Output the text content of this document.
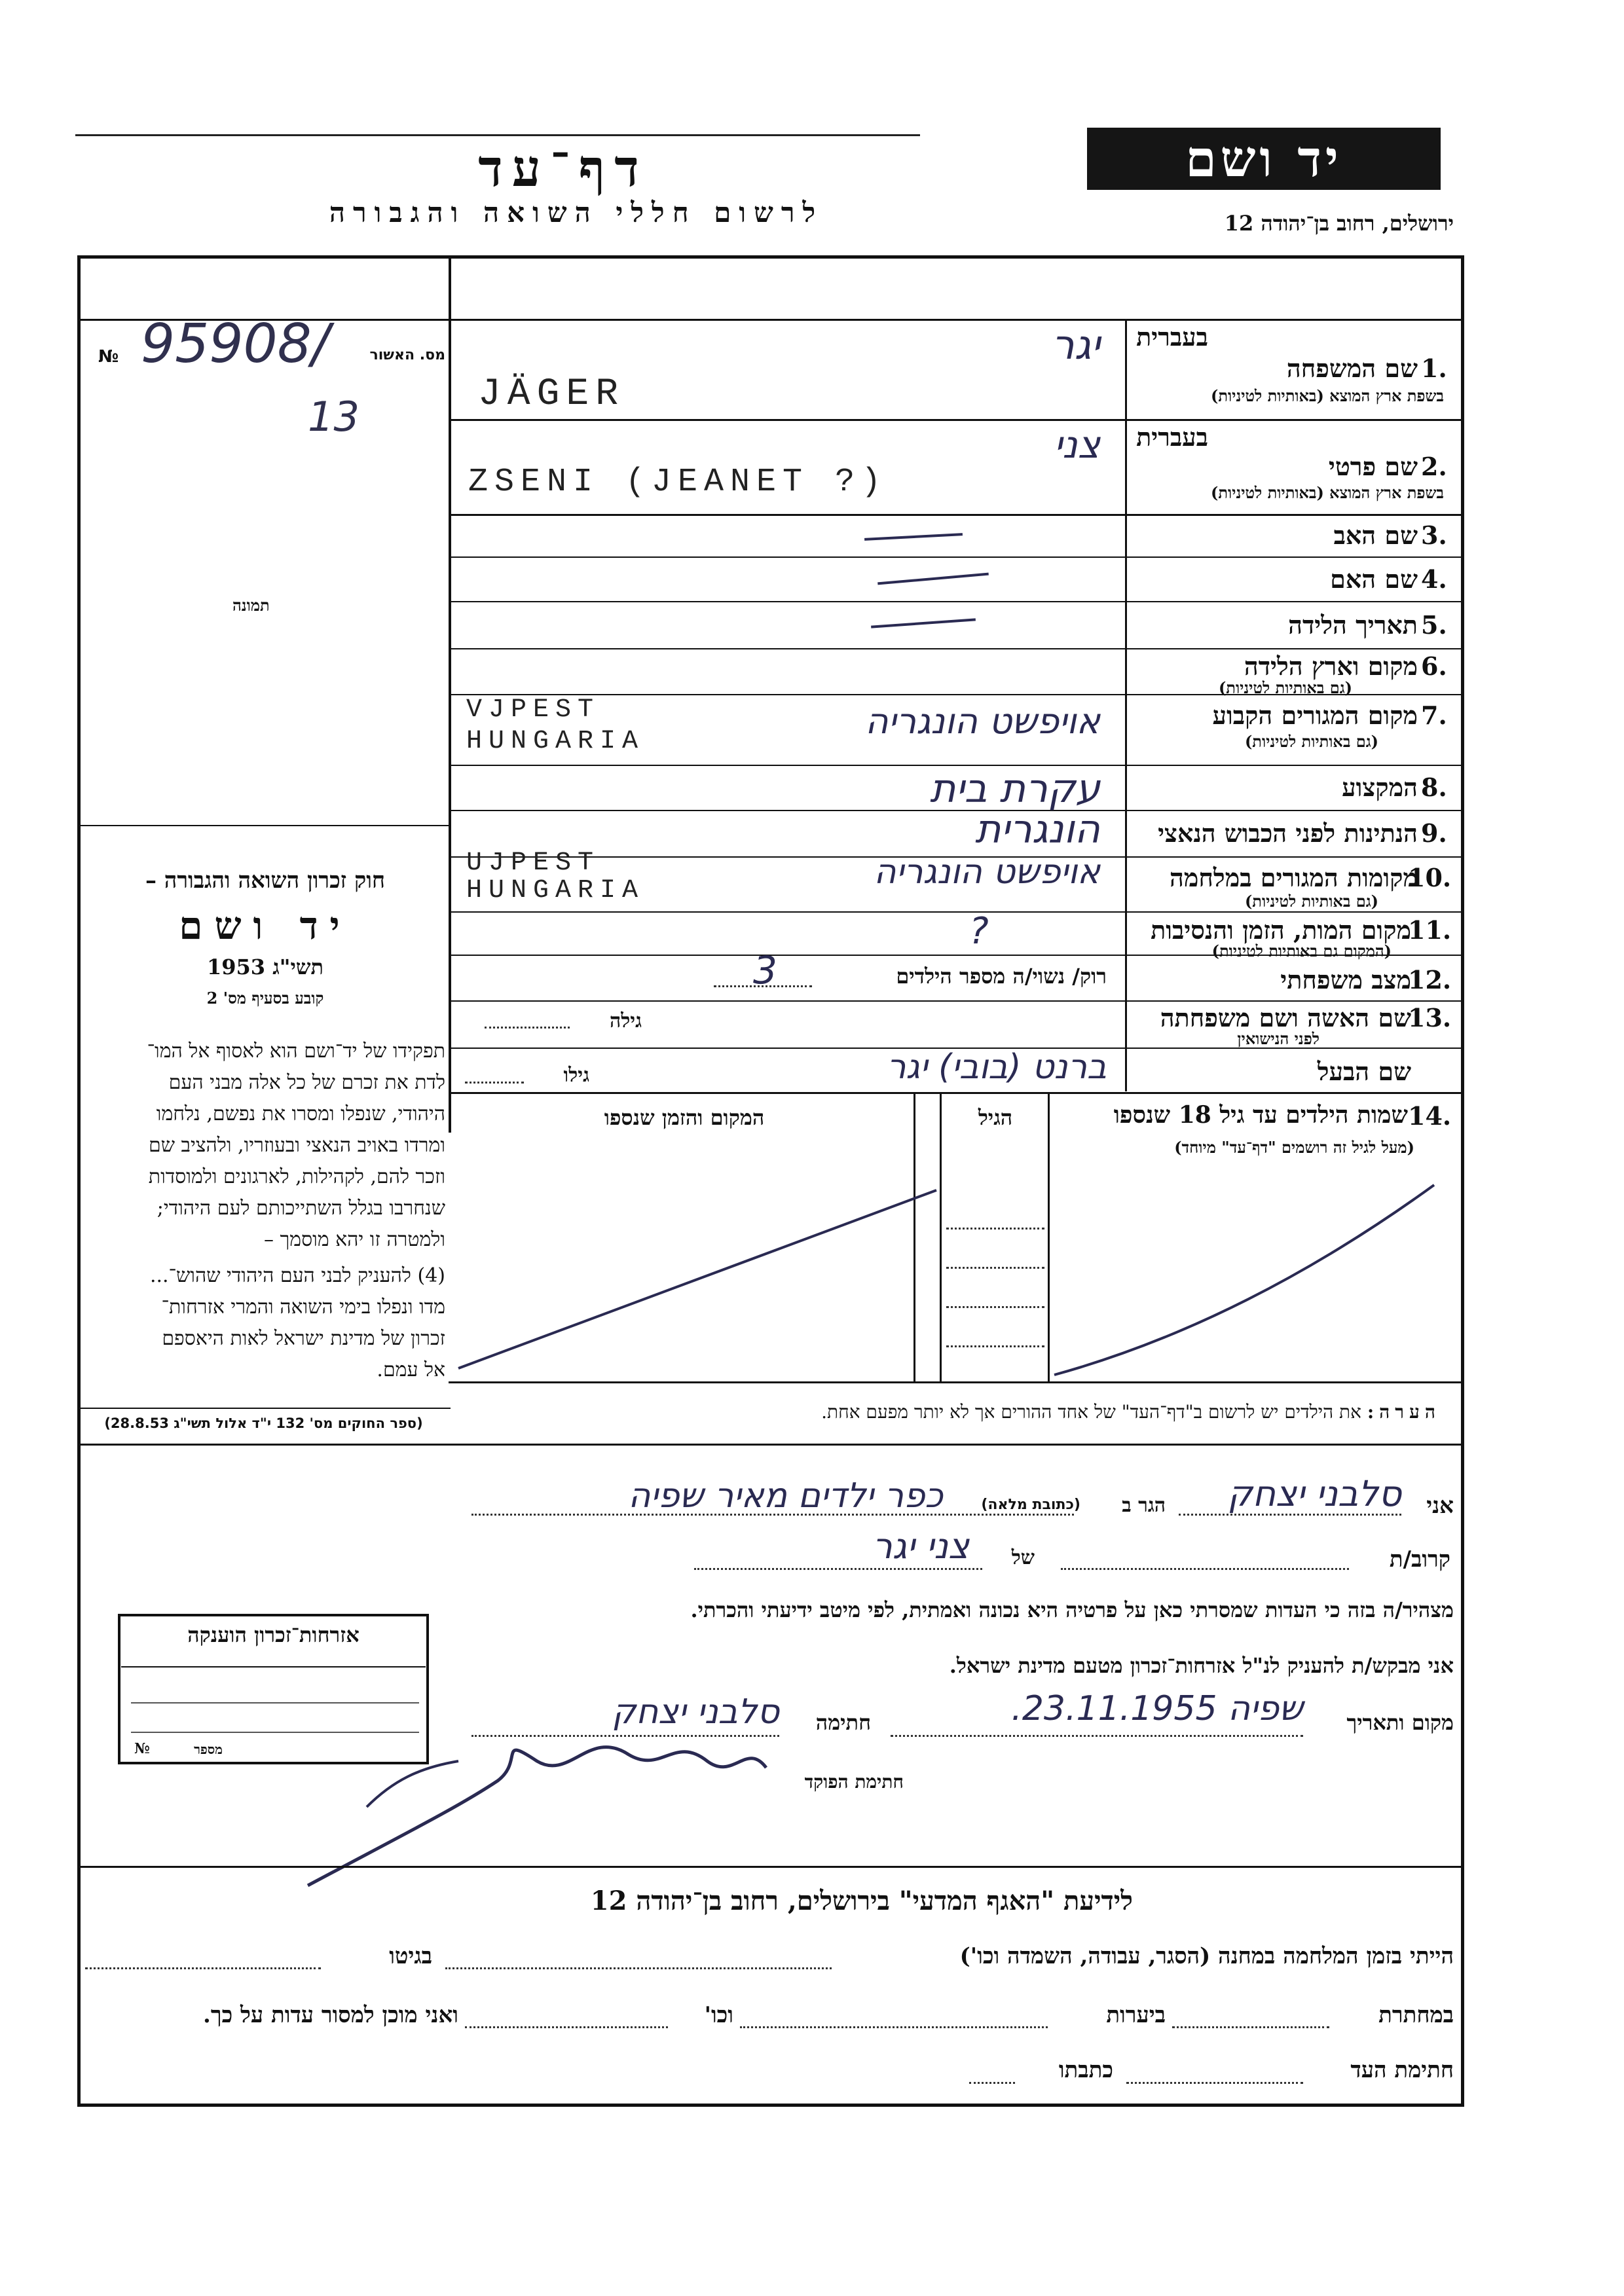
יד ושם
דף־עד
לרשום חללי השואה והגבורה	ירושלים, רחוב בן־יהודה 12
מס. האשור
№ 95908/
13
תמונה
בעברית
שם המשפחה 1.
בשפת ארץ המוצא (באותיות לטיניות)
בעברית
שם פרטי 2.
בשפת ארץ המוצא (באותיות לטיניות)
שם האב 3.
שם האם 4.
תאריך הלידה 5.
מקום וארץ הלידה 6.
(גם באותיות לטיניות)
מקום המגורים הקבוע 7.
(גם באותיות לטיניות)
המקצוע 8.
הנתינות לפני הכבוש הנאצי 9.
מקומות המגורים במלחמה
10.
(גם באותיות לטיניות)
מקום המות, הזמן והנסיבות
11.
(המקום גם באותיות לטיניות)
מצב משפחתי
12.
שם האשה ושם משפחתה
13.
לפני הנישואין
שם הבעל
יגר
JÄGER
צני
ZSENI (JEANET ?)
אויפשט הונגריה
VJPEST
HUNGARIA
עקרת בית
הונגרית
אויפשט הונגריה
UJPEST
HUNGARIA
?
רוק/ נשוי/ה מספר הילדים
3
גילה
ברנט (בובי) יגר
גילו
שמות הילדים עד גיל 18 שנספו 14.
(מעל לגיל זה רושמים "דף־עד" מיוחד)
הגיל
המקום והזמן שנספו
חוק זכרון השואה והגבורה –
יד ושם
תשי"ג 1953
קובע בסעיף מס' 2
תפקידו של יד־ושם הוא לאסוף אל המו־
לדת את זכרם של כל אלה מבני העם
היהודי, שנפלו ומסרו את נפשם, נלחמו
ומרדו באויב הנאצי ובעוזריו, ולהציב שם
וזכר להם, לקהילות, לארגונים ולמוסדות
שנחרבו בגלל השתייכותם לעם היהודי;
ולמטרה זו יהא מוסמך –
(4) להעניק לבני העם היהודי שהוש־...
מדו ונפלו בימי השואה והמרי אזרחות־
זכרון של מדינת ישראל לאות היאספם
אל עמם.
(ספר החוקים מס' 132 י"ד אלול תשי"ג 28.8.53)
הערה: את הילדים יש לרשום ב"דף־העד" של אחד ההורים אך לא יותר מפעם אחת.
אני
סלבני יצחק
הגר ב
(כתובת מלאה)
כפר ילדים מאיר שפיה
קרוב/ת
של
צני יגר
מצהיר/ה בזה כי העדות שמסרתי כאן על פרטיה היא נכונה ואמתית, לפי מיטב ידיעתי והכרתי.
אני מבקש/ת להעניק לנ"ל אזרחות־זכרון מטעם מדינת ישראל.
מקום ותאריך
שפיה 23.11.1955.
חתימה
סלבני יצחק
חתימת הפוקד
אזרחות־זכרון הוענקה
№	מספר
לידיעת "האגף המדעי" בירושלים, רחוב בן־יהודה 12
הייתי בזמן המלחמה במחנה (הסגר, עבודה, השמדה וכו')
בגיטו
במחתרת
ביערות
וכו'
ואני מוכן למסור עדות על כך.
חתימת העד
כתבתו
